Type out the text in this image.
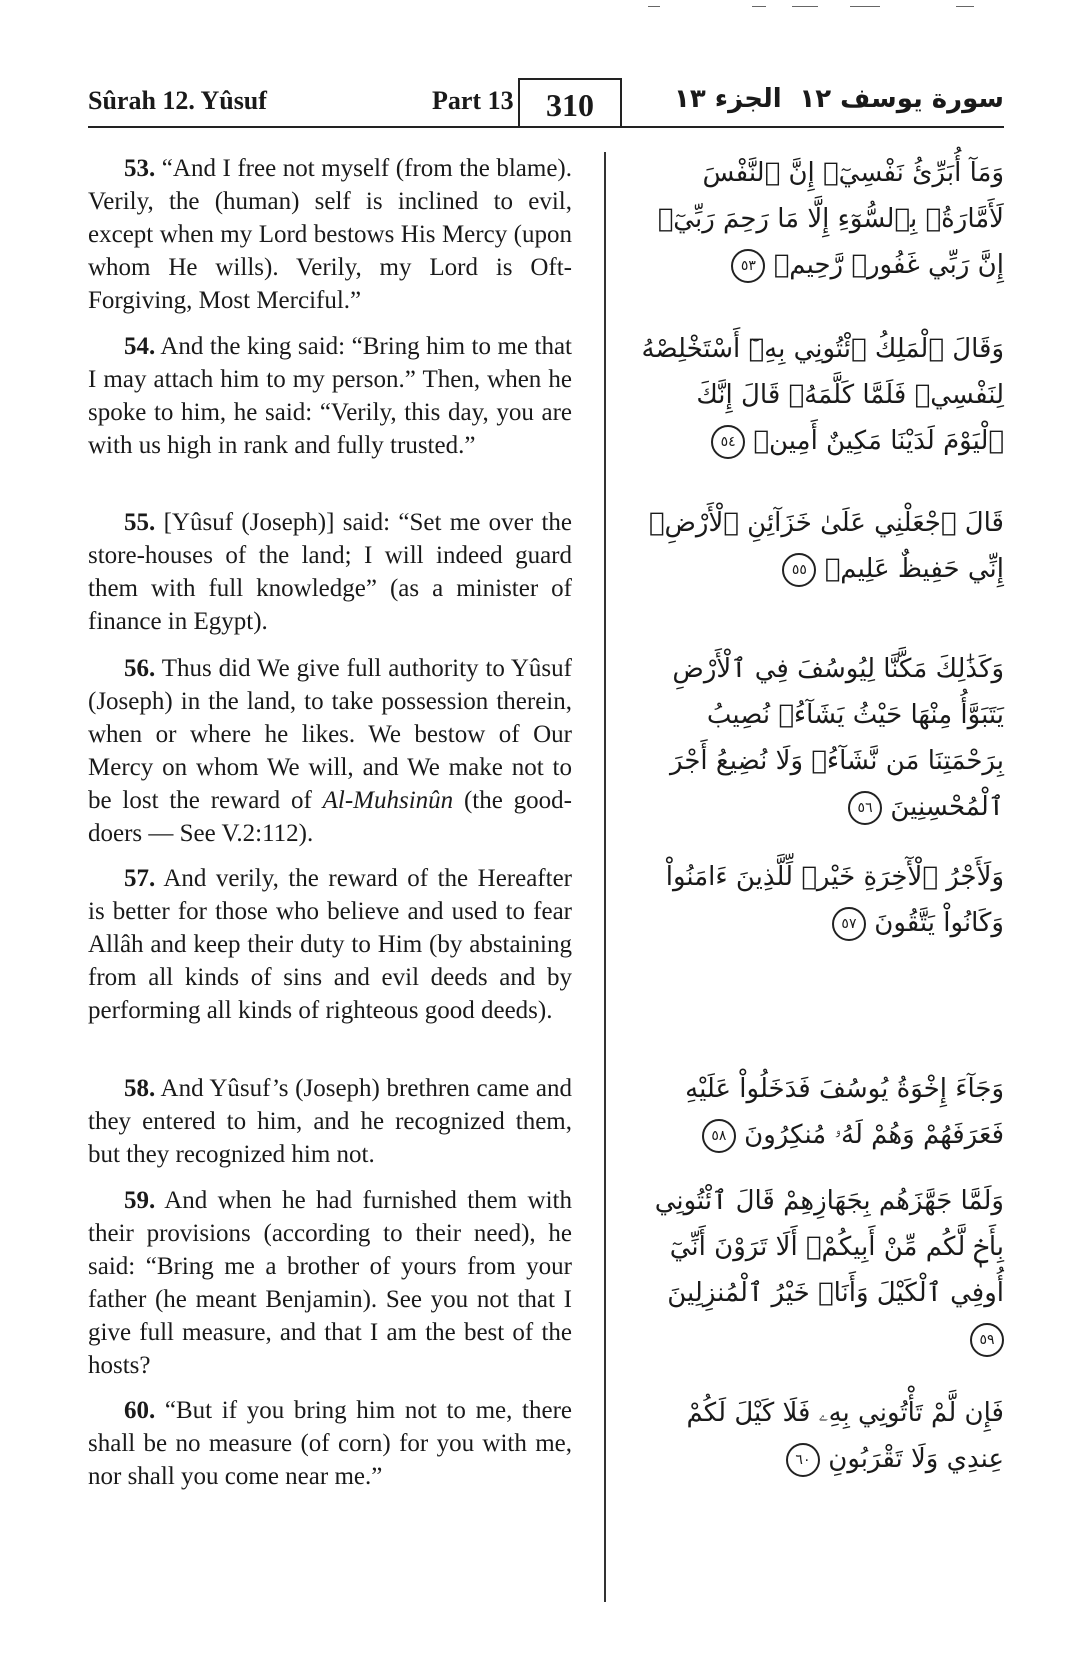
Sûrah 12. Yûsuf	Part 13	310	الجزء ١٣ سورة يوسف ١٢
53. “And I free not myself (from the blame). Verily, the (human) self is inclined to evil, except when my Lord bestows His Mercy (upon whom He wills). Verily, my Lord is Oft-Forgiving, Most Merciful.”
وَمَآ أُبَرِّئُ نَفْسِيٓۚ إِنَّ ٱلنَّفْسَ لَأَمَّارَةُۢ بِٱلسُّوٓءِ إِلَّا مَا رَحِمَ رَبِّيٓۚ إِنَّ رَبِّي غَفُورٞ رَّحِيمٞ ٥٣
54. And the king said: “Bring him to me that I may attach him to my person.” Then, when he spoke to him, he said: “Verily, this day, you are with us high in rank and fully trusted.”
وَقَالَ ٱلْمَلِكُ ٱئْتُونِي بِهِۦٓ أَسْتَخْلِصْهُ لِنَفْسِيۖ فَلَمَّا كَلَّمَهُۥ قَالَ إِنَّكَ ٱلْيَوْمَ لَدَيْنَا مَكِينٌ أَمِينٞ ٥٤
55. [Yûsuf (Joseph)] said: “Set me over the store-houses of the land; I will indeed guard them with full knowledge” (as a minister of finance in Egypt).
قَالَ ٱجْعَلْنِي عَلَىٰ خَزَآئِنِ ٱلْأَرْضِۖ إِنِّي حَفِيظٌ عَلِيمٞ ٥٥
56. Thus did We give full authority to Yûsuf (Joseph) in the land, to take possession therein, when or where he likes. We bestow of Our Mercy on whom We will, and We make not to be lost the reward of Al-Muhsinûn (the good-doers — See V.2:112).
وَكَذَٰلِكَ مَكَّنَّا لِيُوسُفَ فِي ٱلْأَرْضِ يَتَبَوَّأُ مِنْهَا حَيْثُ يَشَآءُۚ نُصِيبُ بِرَحْمَتِنَا مَن نَّشَآءُۖ وَلَا نُضِيعُ أَجْرَ ٱلْمُحْسِنِينَ ٥٦
57. And verily, the reward of the Hereafter is better for those who believe and used to fear Allâh and keep their duty to Him (by abstaining from all kinds of sins and evil deeds and by performing all kinds of righteous good deeds).
وَلَأَجْرُ ٱلْأٓخِرَةِ خَيْرٞ لِّلَّذِينَ ءَامَنُواْ وَكَانُواْ يَتَّقُونَ ٥٧
58. And Yûsuf’s (Joseph) brethren came and they entered to him, and he recognized them, but they recognized him not.
وَجَآءَ إِخْوَةُ يُوسُفَ فَدَخَلُواْ عَلَيْهِ فَعَرَفَهُمْ وَهُمْ لَهُۥ مُنكِرُونَ ٥٨
59. And when he had furnished them with their provisions (according to their need), he said: “Bring me a brother of yours from your father (he meant Benjamin). See you not that I give full measure, and that I am the best of the hosts?
وَلَمَّا جَهَّزَهُم بِجَهَازِهِمْ قَالَ ٱئْتُونِي بِأَخٖ لَّكُم مِّنْ أَبِيكُمْۚ أَلَا تَرَوْنَ أَنِّيٓ أُوفِي ٱلْكَيْلَ وَأَنَا۠ خَيْرُ ٱلْمُنزِلِينَ ٥٩
60. “But if you bring him not to me, there shall be no measure (of corn) for you with me, nor shall you come near me.”
فَإِن لَّمْ تَأْتُونِي بِهِۦ فَلَا كَيْلَ لَكُمْ عِندِي وَلَا تَقْرَبُونِ ٦٠
